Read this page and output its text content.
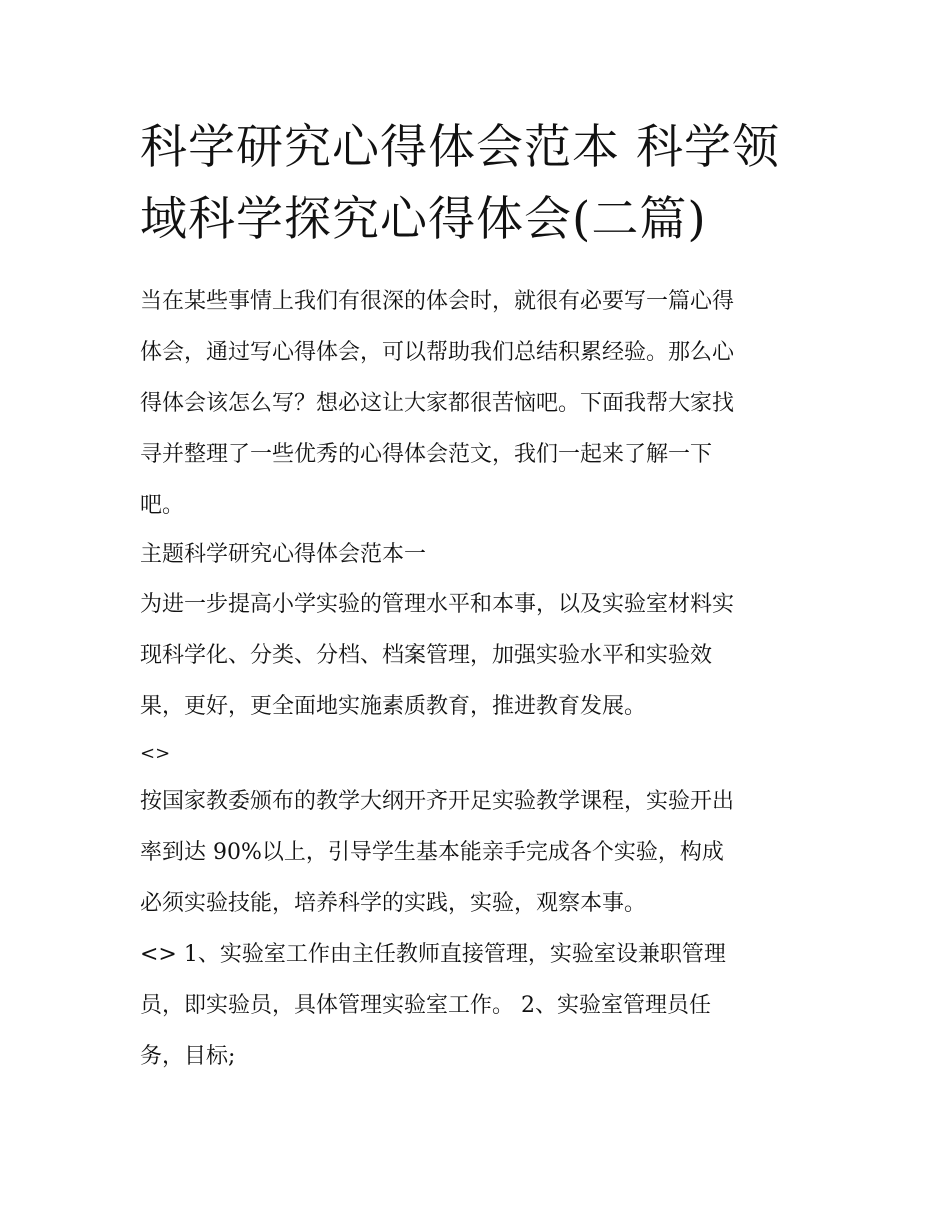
科学研究心得体会范本 科学领
域科学探究心得体会(二篇)

当在某些事情上我们有很深的体会时，就很有必要写一篇心得
体会，通过写心得体会，可以帮助我们总结积累经验。那么心
得体会该怎么写？想必这让大家都很苦恼吧。下面我帮大家找
寻并整理了一些优秀的心得体会范文，我们一起来了解一下
吧。

主题科学研究心得体会范本一

为进一步提高小学实验的管理水平和本事，以及实验室材料实
现科学化、分类、分档、档案管理，加强实验水平和实验效
果，更好，更全面地实施素质教育，推进教育发展。

<>

按国家教委颁布的教学大纲开齐开足实验教学课程，实验开出
率到达 90%以上，引导学生基本能亲手完成各个实验，构成
必须实验技能，培养科学的实践，实验，观察本事。

<> 1、实验室工作由主任教师直接管理，实验室设兼职管理
员，即实验员，具体管理实验室工作。 2、实验室管理员任
务，目标;
